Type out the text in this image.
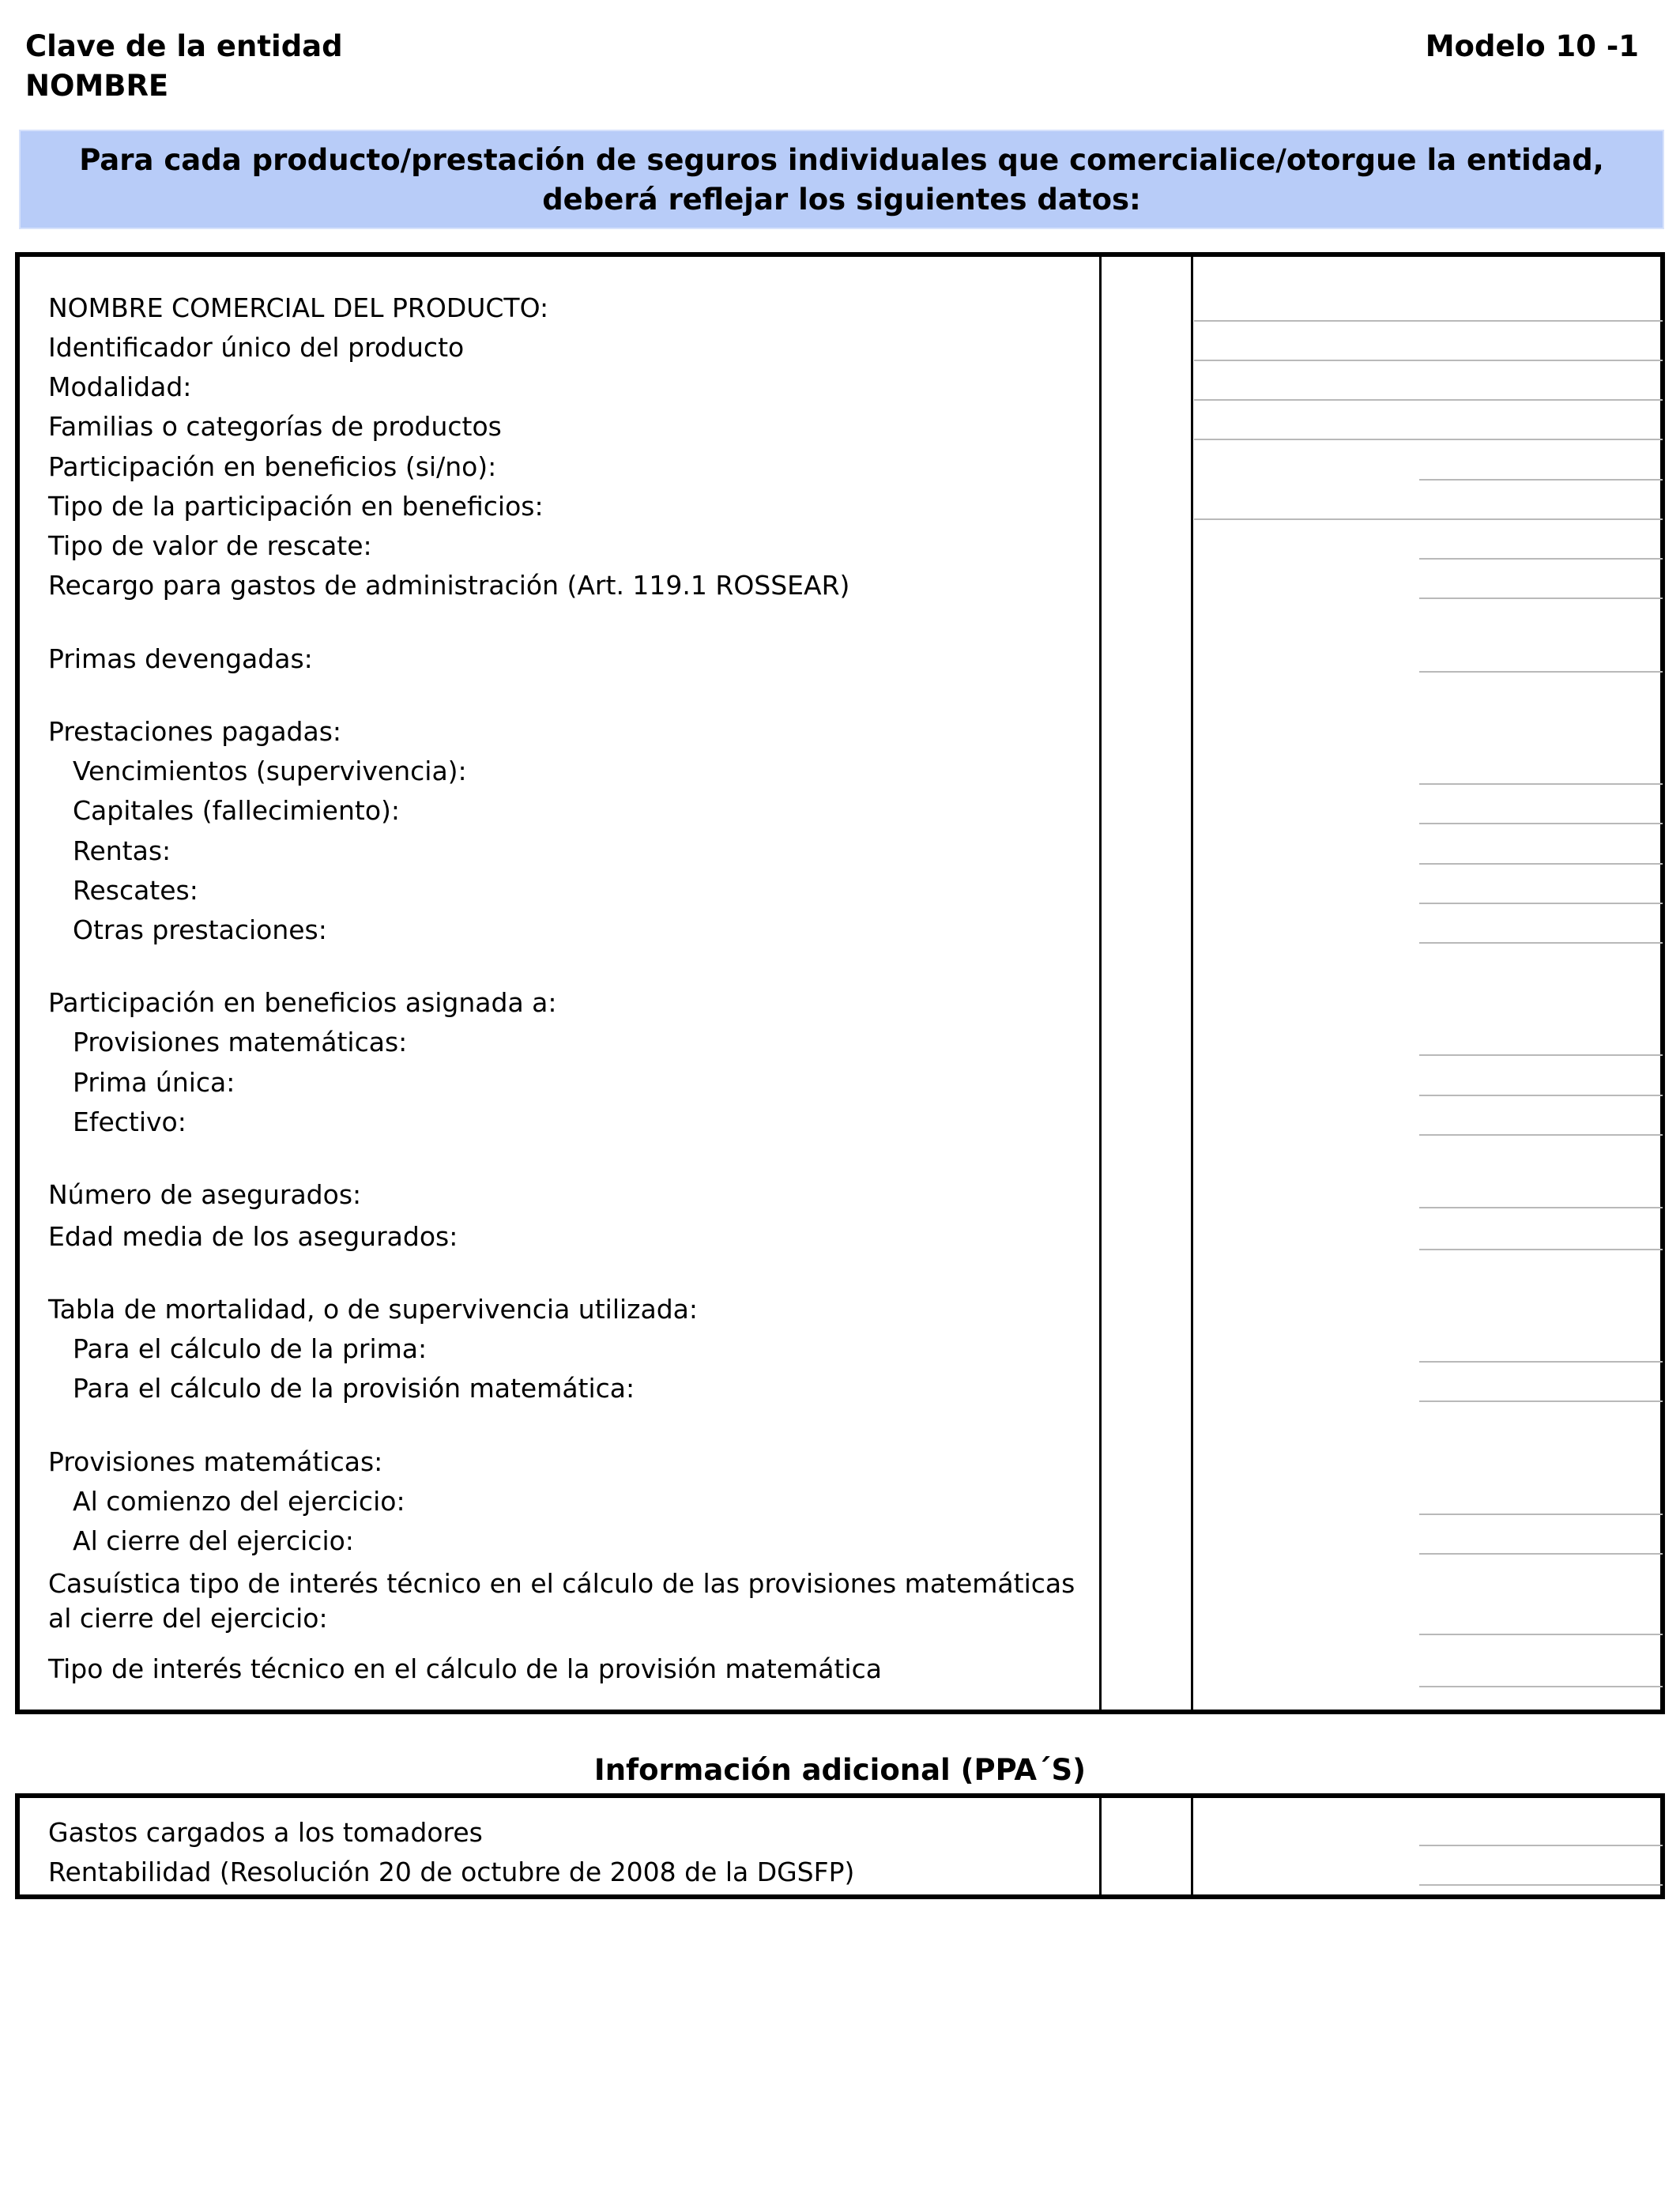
Clave de la entidad
NOMBRE
Modelo 10 -1
Para cada producto/prestación de seguros individuales que comercialice/otorgue la entidad,
deberá reflejar los siguientes datos:
NOMBRE COMERCIAL DEL PRODUCTO:
Identificador único del producto
Modalidad:
Familias o categorías de productos
Participación en beneficios (si/no):
Tipo de la participación en beneficios:
Tipo de valor de rescate:
Recargo para gastos de administración (Art. 119.1 ROSSEAR)
Primas devengadas:
Prestaciones pagadas:
Vencimientos (supervivencia):
Capitales (fallecimiento):
Rentas:
Rescates:
Otras prestaciones:
Participación en beneficios asignada a:
Provisiones matemáticas:
Prima única:
Efectivo:
Número de asegurados:
Edad media de los asegurados:
Tabla de mortalidad, o de supervivencia utilizada:
Para el cálculo de la prima:
Para el cálculo de la provisión matemática:
Provisiones matemáticas:
Al comienzo del ejercicio:
Al cierre del ejercicio:
Casuística tipo de interés técnico en el cálculo de las provisiones matemáticas al cierre del ejercicio:
Tipo de interés técnico en el cálculo de la provisión matemática
Información adicional (PPA´S)
Gastos cargados a los tomadores
Rentabilidad (Resolución 20 de octubre de 2008 de la DGSFP)
